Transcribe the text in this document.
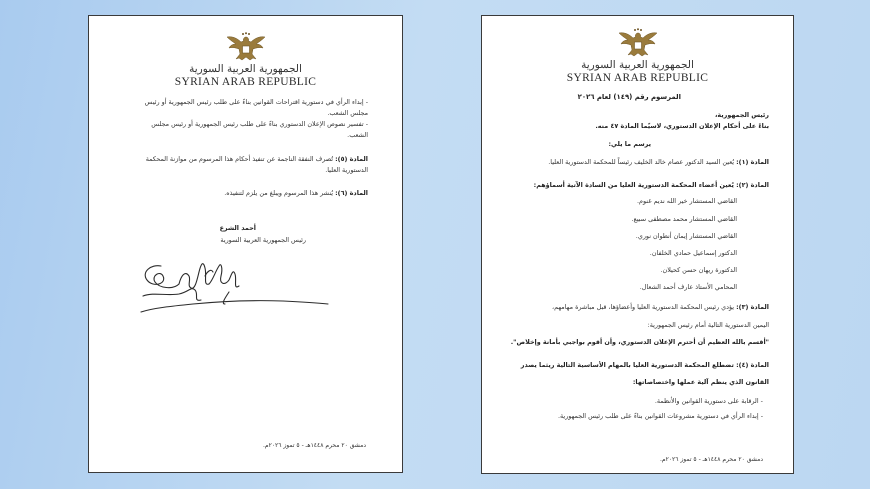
الجمهورية العربية السورية
SYRIAN ARAB REPUBLIC
- إبداء الرأي في دستورية اقتراحات القوانين بناءً على طلب رئيس الجمهورية أو رئيس
مجلس الشعب.
- تفسير نصوص الإعلان الدستوري بناءً على طلب رئيس الجمهورية أو رئيس مجلس
الشعب.
المادة (٥): تُصرف النفقة الناجمة عن تنفيذ أحكام هذا المرسوم من موازنة المحكمة
الدستورية العليا.
المادة (٦): يُنشر هذا المرسوم ويبلغ من يلزم لتنفيذه.
أحمد الشرع
رئيس الجمهورية العربية السورية
دمشق ٢٠ محرم ١٤٤٨هـ - ٥ تموز ٢٠٢٦م.
الجمهورية العربية السورية
SYRIAN ARAB REPUBLIC
المرسوم رقم (١٤٩) لعام ٢٠٢٦
رئيس الجمهورية،
بناءً على أحكام الإعلان الدستوري، لاسيّما المادة ٤٧ منه.
يرسم ما يلي:
المادة (١): يُعين السيد الدكتور عصام خالد الخليف رئيساً للمحكمة الدستورية العليا.
المادة (٢): يُعين أعضاء المحكمة الدستورية العليا من السادة الآتية أسماؤهم:
القاضي المستشار خير الله نديم غنوم.
القاضي المستشار محمد مصطفى سبيع.
القاضي المستشار إيمان أنطوان نوري.
الدكتور إسماعيل حمادي الخلفان.
الدكتورة ريهان حسن كحيلان.
المحامي الأستاذ عارف أحمد الشعال.
المادة (٣): يؤدي رئيس المحكمة الدستورية العليا وأعضاؤها، قبل مباشرة مهامهم،
اليمين الدستورية التالية أمام رئيس الجمهورية:
"أقسم بالله العظيم أن أحترم الإعلان الدستوري، وأن أقوم بواجبي بأمانة وإخلاص".
المادة (٤): تضطلع المحكمة الدستورية العليا بالمهام الأساسية التالية ريثما يصدر
القانون الذي ينظم آلية عملها واختصاصاتها:
- الرقابة على دستورية القوانين والأنظمة.
- إبداء الرأي في دستورية مشروعات القوانين بناءً على طلب رئيس الجمهورية.
دمشق ٢٠ محرم ١٤٤٨هـ - ٥ تموز ٢٠٢٦م.
